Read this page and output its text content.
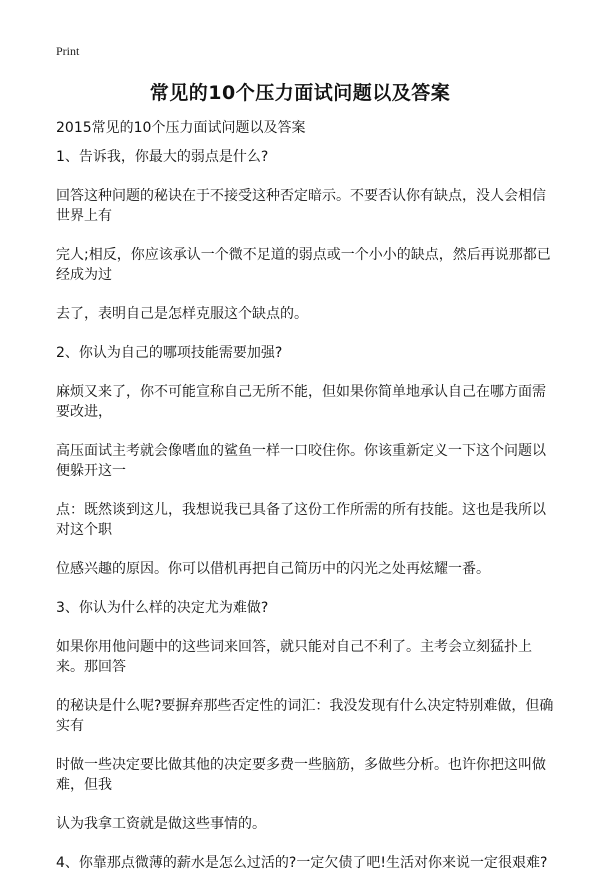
Print
常见的10个压力面试问题以及答案

2015常见的10个压力面试问题以及答案

1、告诉我，你最大的弱点是什么?

回答这种问题的秘诀在于不接受这种否定暗示。不要否认你有缺点，没人会相信世界上有

完人;相反，你应该承认一个微不足道的弱点或一个小小的缺点，然后再说那都已经成为过

去了，表明自己是怎样克服这个缺点的。

2、你认为自己的哪项技能需要加强?

麻烦又来了，你不可能宣称自己无所不能，但如果你简单地承认自己在哪方面需要改进，

高压面试主考就会像嗜血的鲨鱼一样一口咬住你。你该重新定义一下这个问题以便躲开这一

点：既然谈到这儿，我想说我已具备了这份工作所需的所有技能。这也是我所以对这个职

位感兴趣的原因。你可以借机再把自己简历中的闪光之处再炫耀一番。

3、你认为什么样的决定尤为难做?

如果你用他问题中的这些词来回答，就只能对自己不利了。主考会立刻猛扑上来。那回答

的秘诀是什么呢?要摒弃那些否定性的词汇：我没发现有什么决定特别难做，但确实有

时做一些决定要比做其他的决定要多费一些脑筋，多做些分析。也许你把这叫做难，但我

认为我拿工资就是做这些事情的。

4、你靠那点微薄的薪水是怎么过活的?一定欠债了吧!生活对你来说一定很艰难?
